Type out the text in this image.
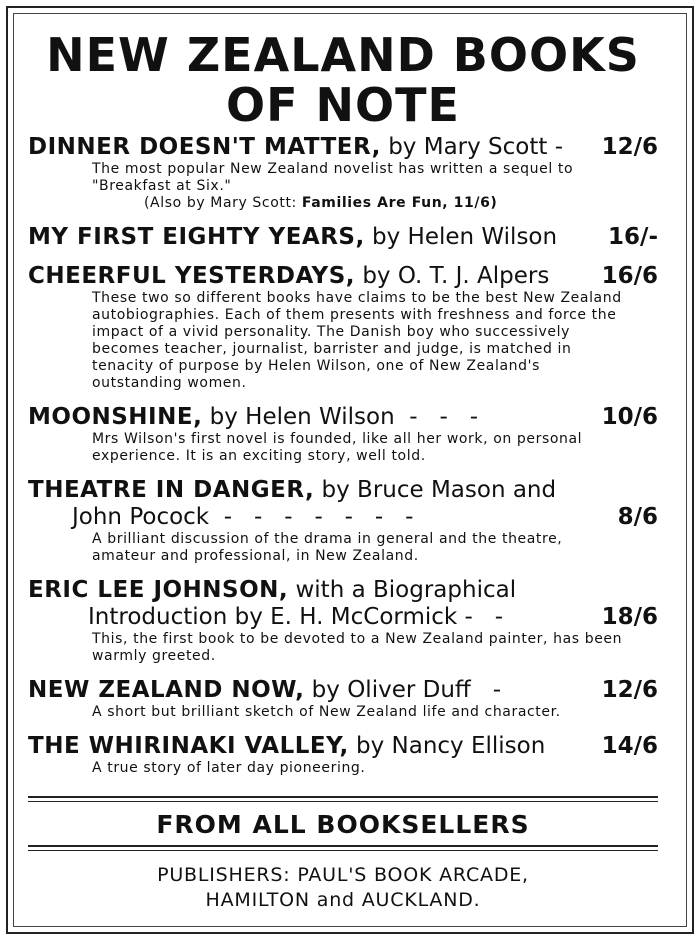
NEW ZEALAND BOOKS
OF NOTE
DINNER DOESN'T MATTER, by Mary Scott - 12/6
The most popular New Zealand novelist has written a sequel to "Breakfast at Six."
(Also by Mary Scott: Families Are Fun, 11/6)
MY FIRST EIGHTY YEARS, by Helen Wilson 16/-
CHEERFUL YESTERDAYS, by O. T. J. Alpers 16/6
These two so different books have claims to be the best New Zealand autobiographies. Each of them presents with freshness and force the impact of a vivid personality. The Danish boy who successively becomes teacher, journalist, barrister and judge, is matched in tenacity of purpose by Helen Wilson, one of New Zealand's outstanding women.
MOONSHINE, by Helen Wilson  -   -   -	10/6
Mrs Wilson's first novel is founded, like all her work, on personal experience. It is an exciting story, well told.
THEATRE IN DANGER, by Bruce Mason and
John Pocock  -   -   -   -   -   -   -	8/6
A brilliant discussion of the drama in general and the theatre, amateur and professional, in New Zealand.
ERIC LEE JOHNSON, with a Biographical
Introduction by E. H. McCormick -   -	18/6
This, the first book to be devoted to a New Zealand painter, has been warmly greeted.
NEW ZEALAND NOW, by Oliver Duff   -	12/6
A short but brilliant sketch of New Zealand life and character.
THE WHIRINAKI VALLEY, by Nancy Ellison 14/6
A true story of later day pioneering.
FROM ALL BOOKSELLERS
PUBLISHERS: PAUL'S BOOK ARCADE,
HAMILTON and AUCKLAND.
